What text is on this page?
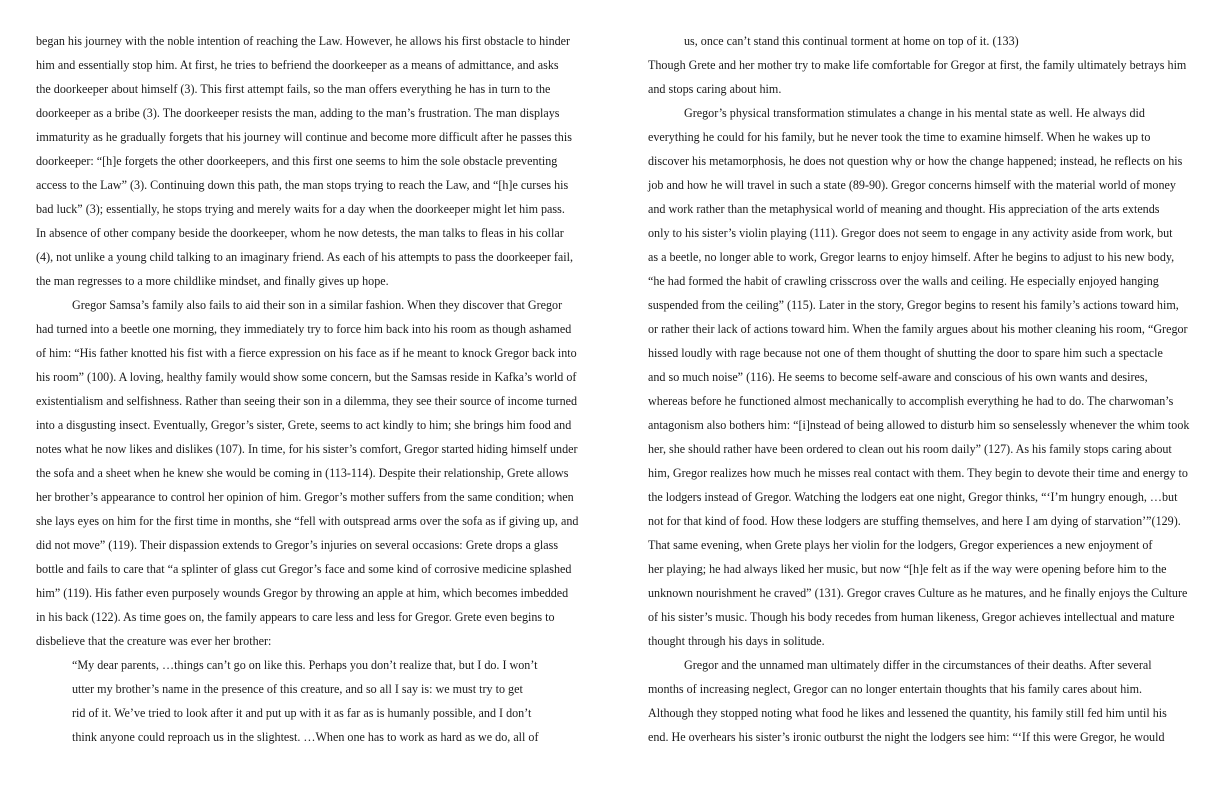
began his journey with the noble intention of reaching the Law. However, he allows his first obstacle to hinder
him and essentially stop him. At first, he tries to befriend the doorkeeper as a means of admittance, and asks
the doorkeeper about himself (3). This first attempt fails, so the man offers everything he has in turn to the
doorkeeper as a bribe (3). The doorkeeper resists the man, adding to the man’s frustration. The man displays
immaturity as he gradually forgets that his journey will continue and become more difficult after he passes this
doorkeeper: “[h]e forgets the other doorkeepers, and this first one seems to him the sole obstacle preventing
access to the Law” (3). Continuing down this path, the man stops trying to reach the Law, and “[h]e curses his
bad luck” (3); essentially, he stops trying and merely waits for a day when the doorkeeper might let him pass.
In absence of other company beside the doorkeeper, whom he now detests, the man talks to fleas in his collar
(4), not unlike a young child talking to an imaginary friend. As each of his attempts to pass the doorkeeper fail,
the man regresses to a more childlike mindset, and finally gives up hope.
Gregor Samsa’s family also fails to aid their son in a similar fashion. When they discover that Gregor
had turned into a beetle one morning, they immediately try to force him back into his room as though ashamed
of him: “His father knotted his fist with a fierce expression on his face as if he meant to knock Gregor back into
his room” (100). A loving, healthy family would show some concern, but the Samsas reside in Kafka’s world of
existentialism and selfishness. Rather than seeing their son in a dilemma, they see their source of income turned
into a disgusting insect. Eventually, Gregor’s sister, Grete, seems to act kindly to him; she brings him food and
notes what he now likes and dislikes (107). In time, for his sister’s comfort, Gregor started hiding himself under
the sofa and a sheet when he knew she would be coming in (113-114). Despite their relationship, Grete allows
her brother’s appearance to control her opinion of him. Gregor’s mother suffers from the same condition; when
she lays eyes on him for the first time in months, she “fell with outspread arms over the sofa as if giving up, and
did not move” (119). Their dispassion extends to Gregor’s injuries on several occasions: Grete drops a glass
bottle and fails to care that “a splinter of glass cut Gregor’s face and some kind of corrosive medicine splashed
him” (119). His father even purposely wounds Gregor by throwing an apple at him, which becomes imbedded
in his back (122). As time goes on, the family appears to care less and less for Gregor. Grete even begins to
disbelieve that the creature was ever her brother:
“My dear parents, …things can’t go on like this. Perhaps you don’t realize that, but I do. I won’t
utter my brother’s name in the presence of this creature, and so all I say is: we must try to get
rid of it. We’ve tried to look after it and put up with it as far as is humanly possible, and I don’t
think anyone could reproach us in the slightest. …When one has to work as hard as we do, all of
us, once can’t stand this continual torment at home on top of it. (133)
Though Grete and her mother try to make life comfortable for Gregor at first, the family ultimately betrays him
and stops caring about him.
Gregor’s physical transformation stimulates a change in his mental state as well. He always did
everything he could for his family, but he never took the time to examine himself. When he wakes up to
discover his metamorphosis, he does not question why or how the change happened; instead, he reflects on his
job and how he will travel in such a state (89-90). Gregor concerns himself with the material world of money
and work rather than the metaphysical world of meaning and thought. His appreciation of the arts extends
only to his sister’s violin playing (111). Gregor does not seem to engage in any activity aside from work, but
as a beetle, no longer able to work, Gregor learns to enjoy himself. After he begins to adjust to his new body,
“he had formed the habit of crawling crisscross over the walls and ceiling. He especially enjoyed hanging
suspended from the ceiling” (115). Later in the story, Gregor begins to resent his family’s actions toward him,
or rather their lack of actions toward him. When the family argues about his mother cleaning his room, “Gregor
hissed loudly with rage because not one of them thought of shutting the door to spare him such a spectacle
and so much noise” (116). He seems to become self-aware and conscious of his own wants and desires,
whereas before he functioned almost mechanically to accomplish everything he had to do. The charwoman’s
antagonism also bothers him: “[i]nstead of being allowed to disturb him so senselessly whenever the whim took
her, she should rather have been ordered to clean out his room daily” (127). As his family stops caring about
him, Gregor realizes how much he misses real contact with them. They begin to devote their time and energy to
the lodgers instead of Gregor. Watching the lodgers eat one night, Gregor thinks, “‘I’m hungry enough, …but
not for that kind of food. How these lodgers are stuffing themselves, and here I am dying of starvation’”(129).
That same evening, when Grete plays her violin for the lodgers, Gregor experiences a new enjoyment of
her playing; he had always liked her music, but now “[h]e felt as if the way were opening before him to the
unknown nourishment he craved” (131). Gregor craves Culture as he matures, and he finally enjoys the Culture
of his sister’s music. Though his body recedes from human likeness, Gregor achieves intellectual and mature
thought through his days in solitude.
Gregor and the unnamed man ultimately differ in the circumstances of their deaths. After several
months of increasing neglect, Gregor can no longer entertain thoughts that his family cares about him.
Although they stopped noting what food he likes and lessened the quantity, his family still fed him until his
end. He overhears his sister’s ironic outburst the night the lodgers see him: “‘If this were Gregor, he would
